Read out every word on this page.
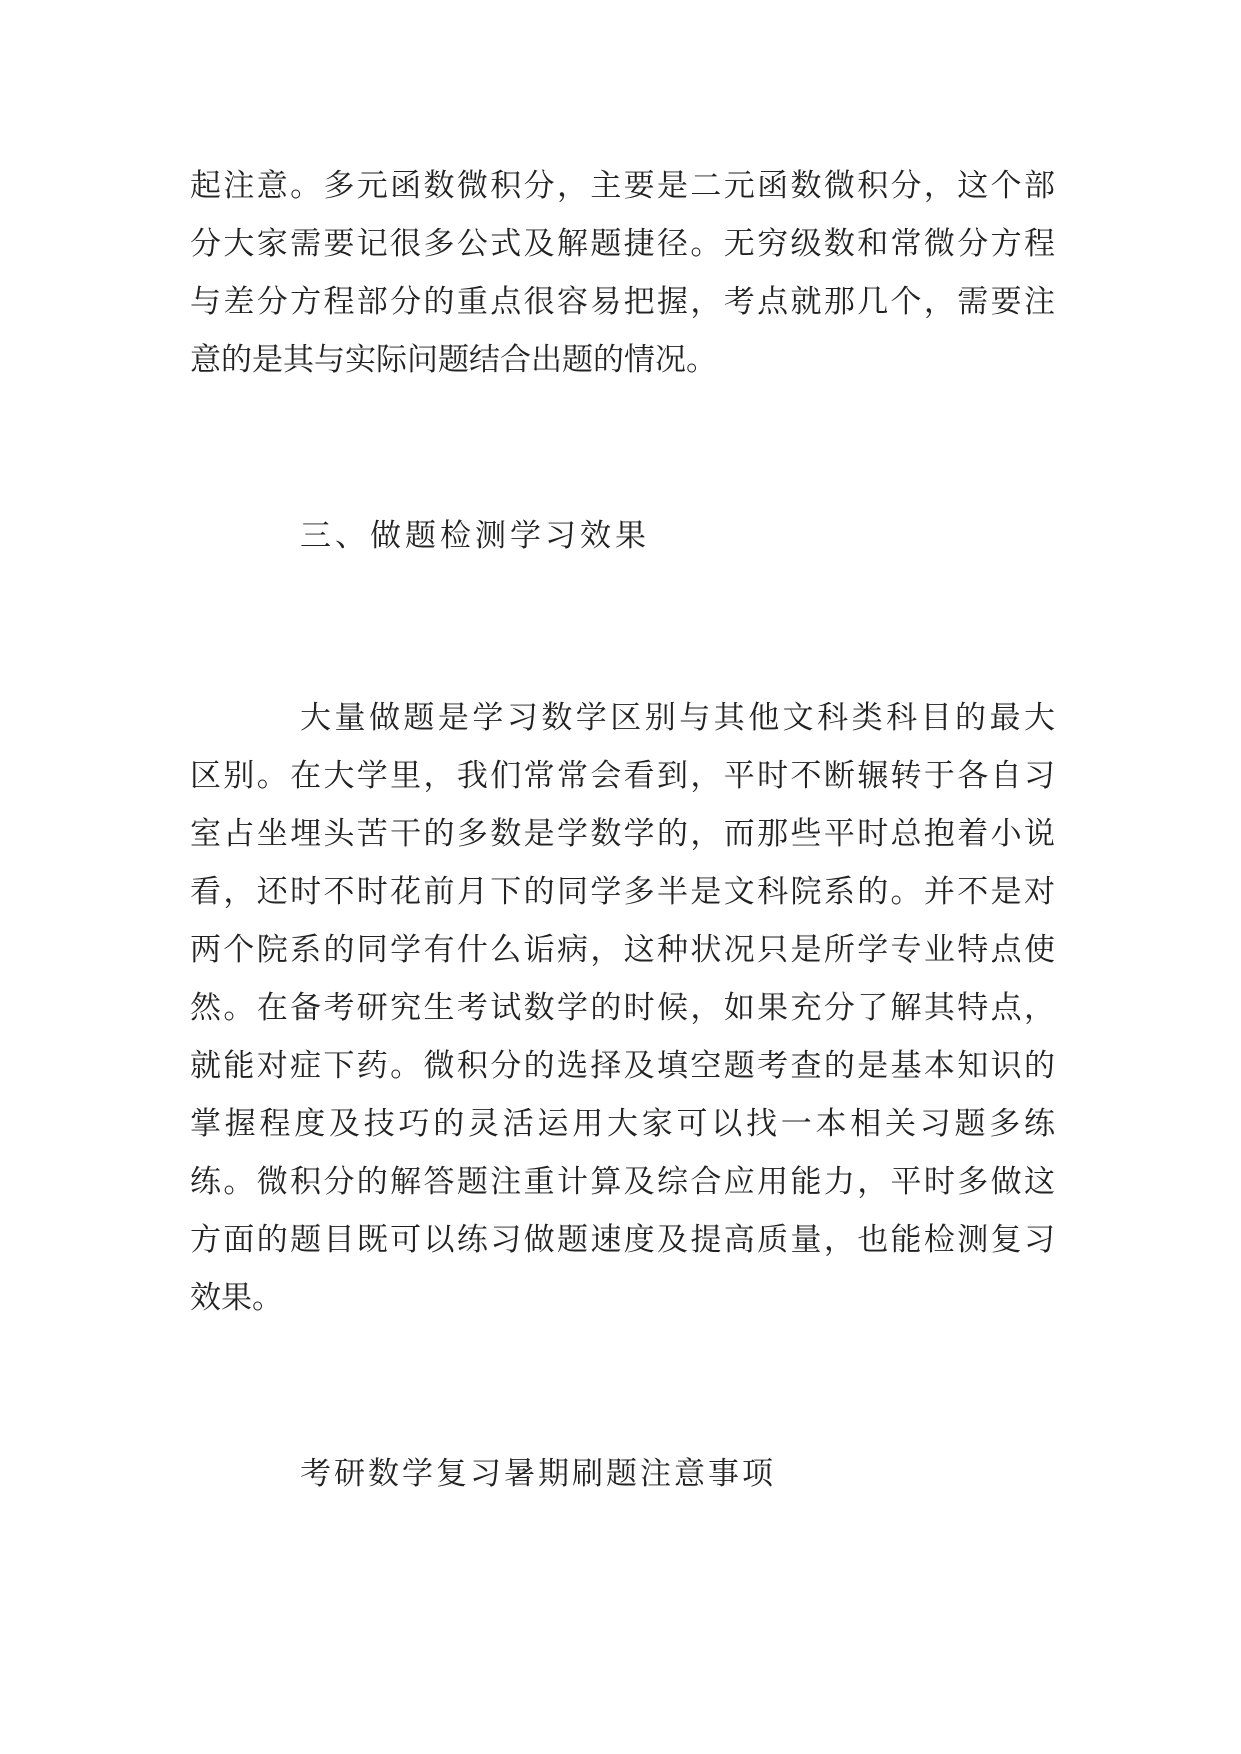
起注意。多元函数微积分，主要是二元函数微积分，这个部
分大家需要记很多公式及解题捷径。无穷级数和常微分方程
与差分方程部分的重点很容易把握，考点就那几个，需要注
意的是其与实际问题结合出题的情况。
三、做题检测学习效果
大量做题是学习数学区别与其他文科类科目的最大
区别。在大学里，我们常常会看到，平时不断辗转于各自习
室占坐埋头苦干的多数是学数学的，而那些平时总抱着小说
看，还时不时花前月下的同学多半是文科院系的。并不是对
两个院系的同学有什么诟病，这种状况只是所学专业特点使
然。在备考研究生考试数学的时候，如果充分了解其特点，
就能对症下药。微积分的选择及填空题考查的是基本知识的
掌握程度及技巧的灵活运用大家可以找一本相关习题多练
练。微积分的解答题注重计算及综合应用能力，平时多做这
方面的题目既可以练习做题速度及提高质量，也能检测复习
效果。
考研数学复习暑期刷题注意事项
